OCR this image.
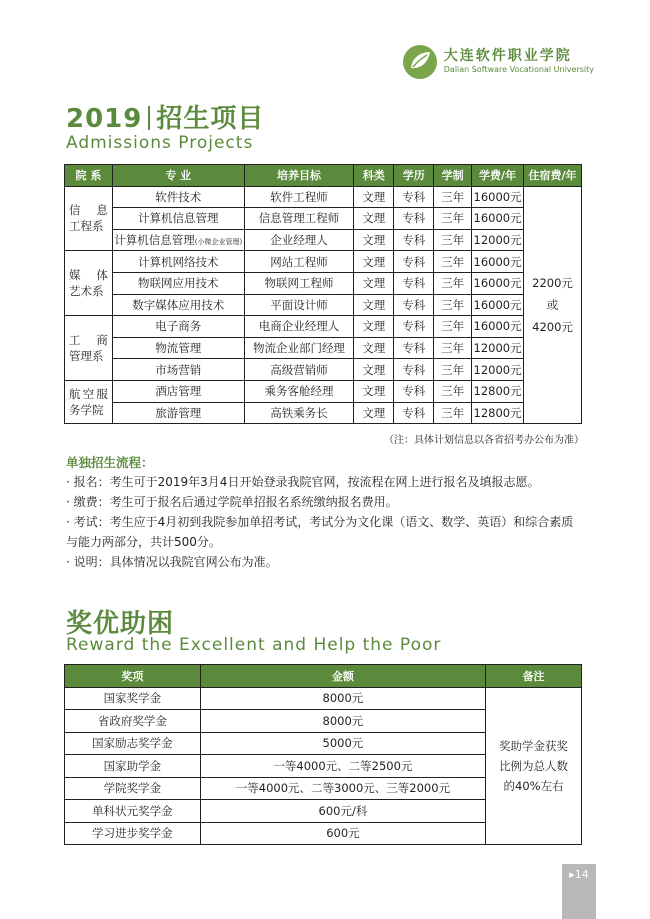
大连软件职业学院
Dalian Software Vocational University
2019 招生项目
Admissions Projects
院 系	专 业	培养目标	科类	学历	学制	学费/年	住宿费/年
信 息 工程系	软件技术	软件工程师	文理	专科	三年	16000元	2200元
或
4200元

	计算机信息管理	信息管理工程师	文理	专科	三年	16000元	
	计算机信息管理(小微企业管理)	企业经理人	文理	专科	三年	12000元	
媒 体 艺术系	计算机网络技术	网站工程师	文理	专科	三年	16000元	
	物联网应用技术	物联网工程师	文理	专科	三年	16000元	
	数字媒体应用技术	平面设计师	文理	专科	三年	16000元	
工 商 管理系	电子商务	电商企业经理人	文理	专科	三年	16000元	
	物流管理	物流企业部门经理	文理	专科	三年	12000元	
	市场营销	高级营销师	文理	专科	三年	12000元	
航空服 务学院	酒店管理	乘务客舱经理	文理	专科	三年	12800元	
	旅游管理	高铁乘务长	文理	专科	三年	12800元	
（注：具体计划信息以各省招考办公布为准）
单独招生流程：

· 报名：考生可于2019年3月4日开始登录我院官网，按流程在网上进行报名及填报志愿。

· 缴费：考生可于报名后通过学院单招报名系统缴纳报名费用。

· 考试：考生应于4月初到我院参加单招考试，考试分为文化课（语文、数学、英语）和综合素质与能力两部分，共计500分。

· 说明：具体情况以我院官网公布为准。

奖优助困
Reward the Excellent and Help the Poor
奖项	金额	备注
国家奖学金	8000元	奖助学金获奖
比例为总人数
的40%左右

省政府奖学金	8000元	
国家励志奖学金	5000元	
国家助学金	一等4000元、二等2500元	
学院奖学金	一等4000元、二等3000元、三等2000元	
单科状元奖学金	600元/科	
学习进步奖学金	600元	
▸14
